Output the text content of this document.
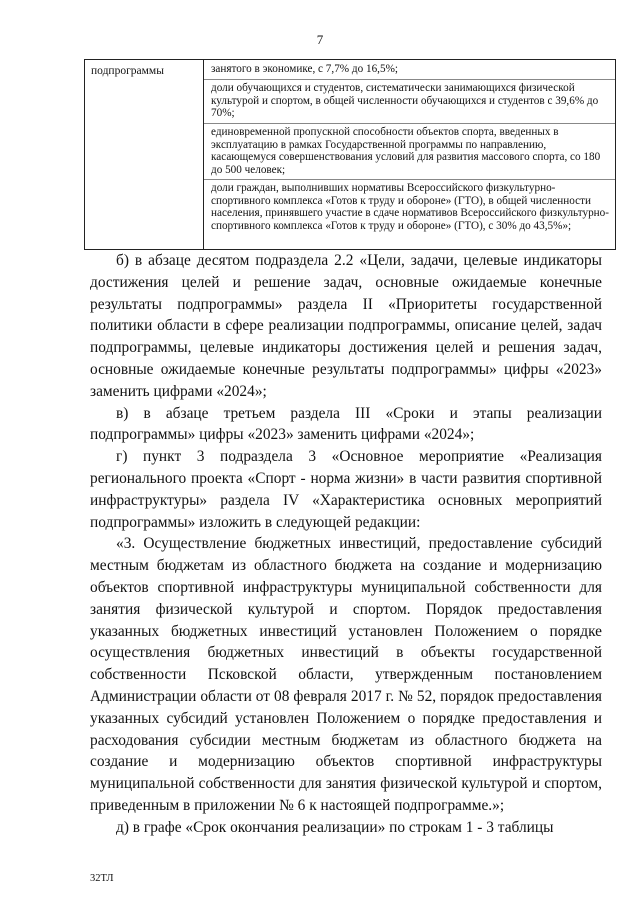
7
подпрограммы	занятого в экономике, с 7,7% до 16,5%;
доли обучающихся и студентов, систематически занимающихся физической культурой и спортом, в общей численности обучающихся и студентов с 39,6% до 70%;
единовременной пропускной способности объектов спорта, введенных в эксплуатацию в рамках Государственной программы по направлению, касающемуся совершенствования условий для развития массового спорта, со 180 до 500 человек;
доли граждан, выполнивших нормативы Всероссийского физкультурно-спортивного комплекса «Готов к труду и обороне» (ГТО), в общей численности населения, принявшего участие в сдаче нормативов Всероссийского физкультурно-спортивного комплекса «Готов к труду и обороне» (ГТО), с 30% до 43,5%»;

б) в абзаце десятом подраздела 2.2 «Цели, задачи, целевые индикаторы достижения целей и решение задач, основные ожидаемые конечные результаты подпрограммы» раздела II «Приоритеты государственной политики области в сфере реализации подпрограммы, описание целей, задач подпрограммы, целевые индикаторы достижения целей и решения задач, основные ожидаемые конечные результаты подпрограммы» цифры «2023» заменить цифрами «2024»;

в) в абзаце третьем раздела III «Сроки и этапы реализации подпрограммы» цифры «2023» заменить цифрами «2024»;

г) пункт 3 подраздела 3 «Основное мероприятие «Реализация регионального проекта «Спорт - норма жизни» в части развития спортивной инфраструктуры» раздела IV «Характеристика основных мероприятий подпрограммы» изложить в следующей редакции:

«3. Осуществление бюджетных инвестиций, предоставление субсидий местным бюджетам из областного бюджета на создание и модернизацию объектов спортивной инфраструктуры муниципальной собственности для занятия физической культурой и спортом. Порядок предоставления указанных бюджетных инвестиций установлен Положением о порядке осуществления бюджетных инвестиций в объекты государственной собственности Псковской области, утвержденным постановлением Администрации области от 08 февраля 2017 г. № 52, порядок предоставления указанных субсидий установлен Положением о порядке предоставления и расходования субсидии местным бюджетам из областного бюджета на создание и модернизацию объектов спортивной инфраструктуры муниципальной собственности для занятия физической культурой и спортом, приведенным в приложении № 6 к настоящей подпрограмме.»;

д) в графе «Срок окончания реализации» по строкам 1 - 3 таблицы

32ТЛ
